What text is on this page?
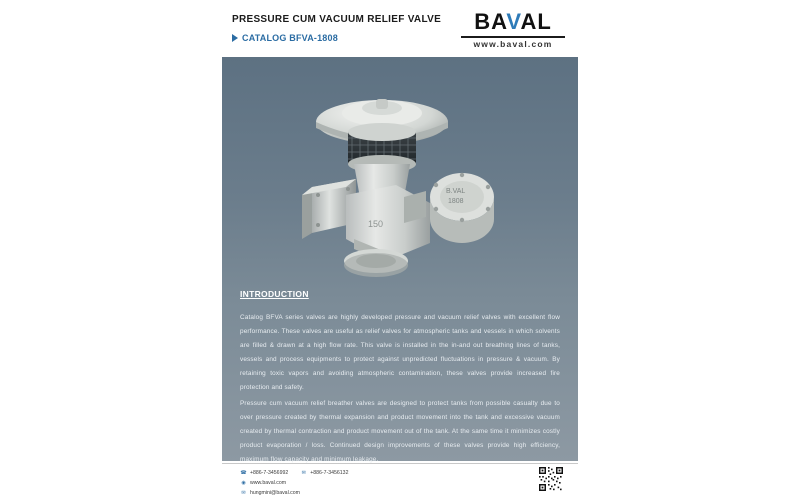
PRESSURE CUM VACUUM RELIEF VALVE
CATALOG BFVA-1808
BAVAL
www.baval.com
150
B.VAL
1808
INTRODUCTION

Catalog BFVA series valves are highly developed pressure and vacuum relief valves with excellent flow performance. These valves are useful as relief valves for atmospheric tanks and vessels in which solvents are filled & drawn at a high flow rate. This valve is installed in the in-and out breathing lines of tanks, vessels and process equipments to protect against unpredicted fluctuations in pressure & vacuum. By retaining toxic vapors and avoiding atmospheric contamination, these valves provide increased fire protection and safety.

Pressure cum vacuum relief breather valves are designed to protect tanks from possible casualty due to over pressure created by thermal expansion and product movement into the tank and excessive vacuum created by thermal contraction and product movement out of the tank. At the same time it minimizes costly product evaporation / loss. Continued design improvements of these valves provide high efficiency, maximum flow capacity and minimum leakage.

☎ +886-7-3456992	✉ +886-7-3456132
◉ www.baval.com
✉ hungmini@baval.com
